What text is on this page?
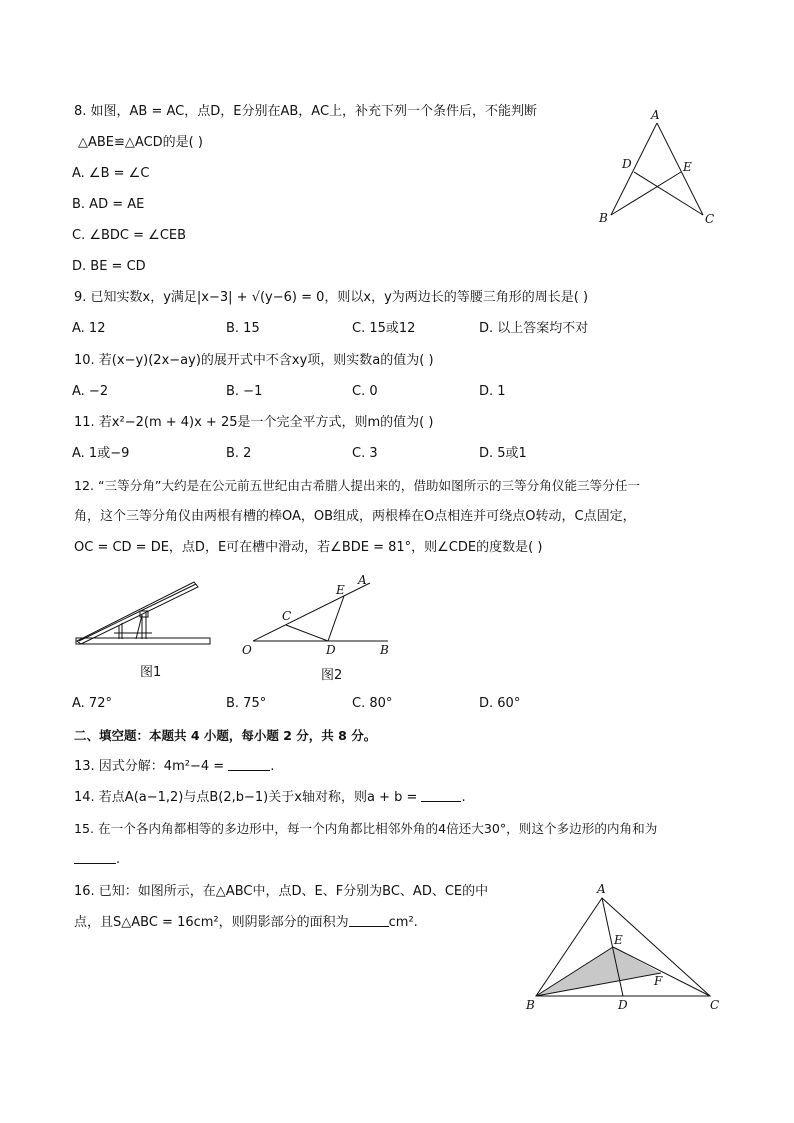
8. 如图，AB = AC，点D，E分别在AB，AC上，补充下列一个条件后，不能判断
△ABE≌△ACD的是( )
A. ∠B = ∠C
B. AD = AE
C. ∠BDC = ∠CEB
D. BE = CD
A
B	C
D	E
9. 已知实数x，y满足|x−3| + √(y−6) = 0，则以x，y为两边长的等腰三角形的周长是( )
A. 12	B. 15	C. 15或12	D. 以上答案均不对
10. 若(x−y)(2x−ay)的展开式中不含xy项，则实数a的值为( )
A. −2	B. −1	C. 0	D. 1
11. 若x²−2(m + 4)x + 25是一个完全平方式，则m的值为( )
A. 1或−9	B. 2	C. 3	D. 5或1
12. “三等分角”大约是在公元前五世纪由古希腊人提出来的，借助如图所示的三等分角仪能三等分任一
角，这个三等分角仪由两根有槽的棒OA，OB组成，两根棒在O点相连并可绕点O转动，C点固定，
OC = CD = DE，点D，E可在槽中滑动，若∠BDE = 81°，则∠CDE的度数是( )
图1
O
C
D	B
E
A
图2
A. 72°	B. 75°	C. 80°	D. 60°
二、填空题：本题共 4 小题，每小题 2 分，共 8 分。
13. 因式分解：4m²−4 =	.
14. 若点A(a−1,2)与点B(2,b−1)关于x轴对称，则a + b =	.
15. 在一个各内角都相等的多边形中，每一个内角都比相邻外角的4倍还大30°，则这个多边形的内角和为
.
16. 已知：如图所示，在△ABC中，点D、E、F分别为BC、AD、CE的中
点，且S△ABC = 16cm²，则阴影部分的面积为	cm².
A
B	C
D
E
F
